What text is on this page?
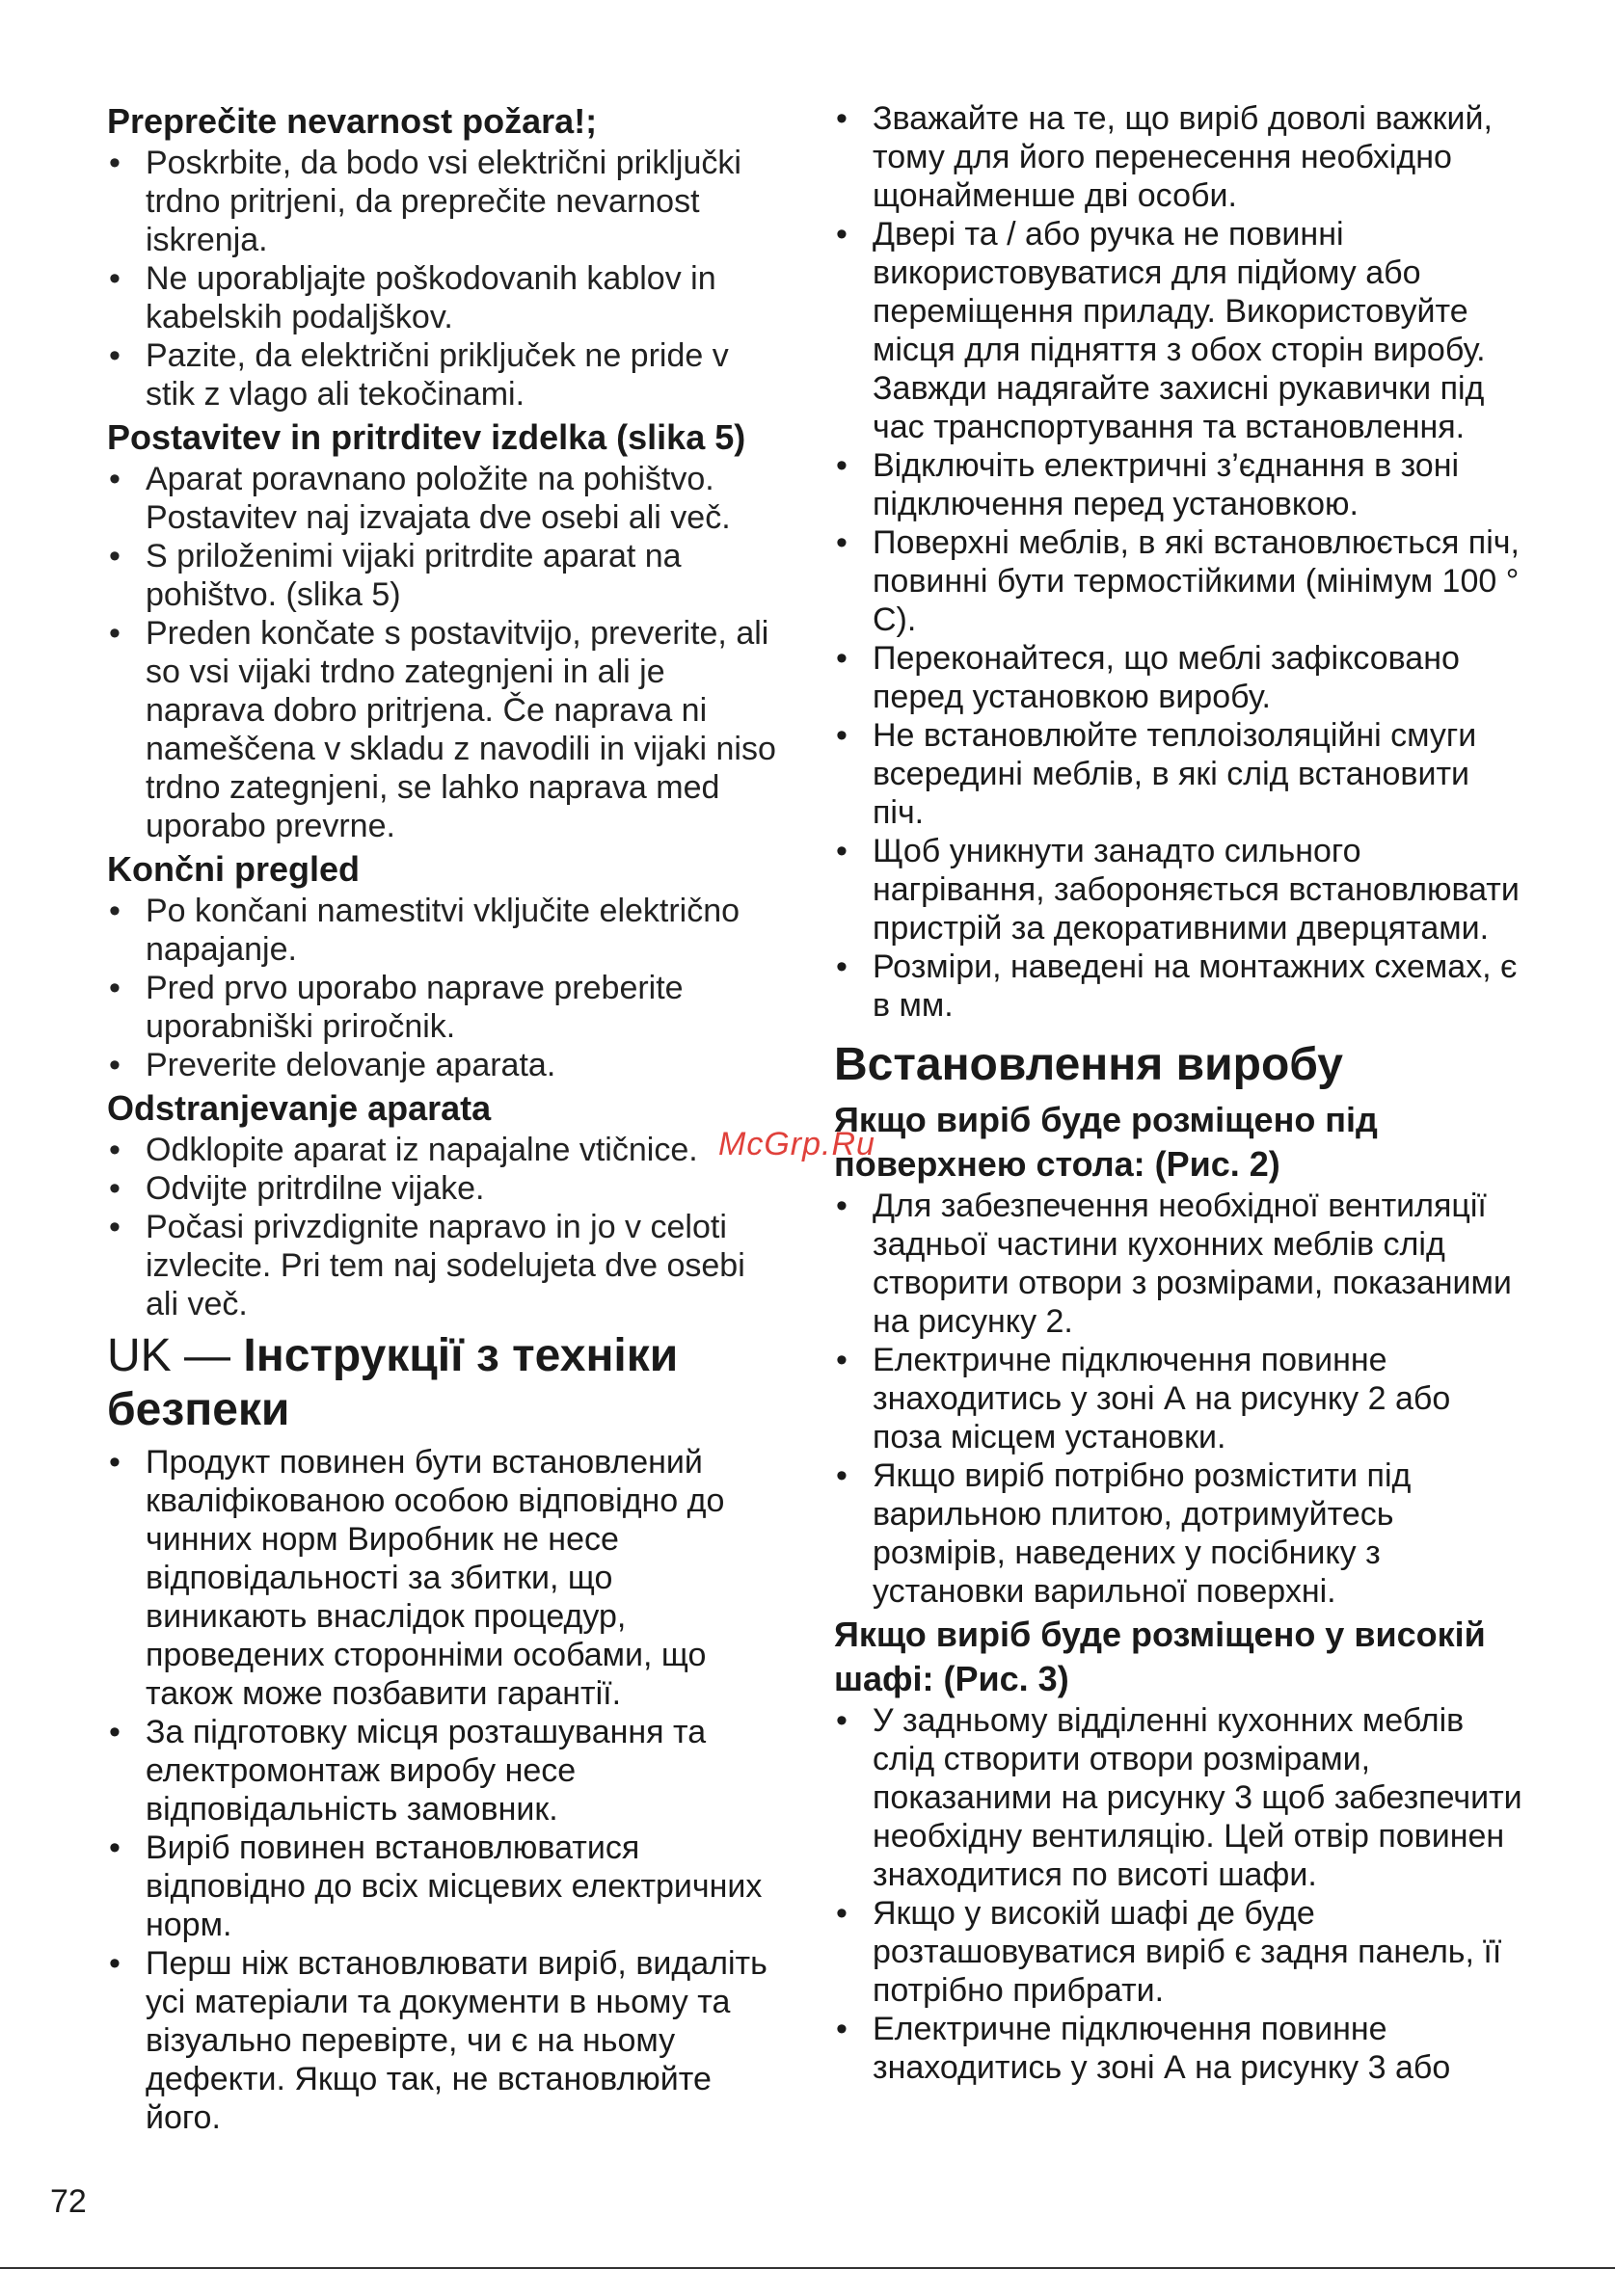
Preprečite nevarnost požara!;
• Poskrbite, da bodo vsi električni priključki trdno pritrjeni, da preprečite nevarnost iskrenja.
• Ne uporabljajte poškodovanih kablov in kabelskih podaljškov.
• Pazite, da električni priključek ne pride v stik z vlago ali tekočinami.
Postavitev in pritrditev izdelka (slika 5)
• Aparat poravnano položite na pohištvo. Postavitev naj izvajata dve osebi ali več.
• S priloženimi vijaki pritrdite aparat na pohištvo. (slika 5)
• Preden končate s postavitvijo, preverite, ali so vsi vijaki trdno zategnjeni in ali je naprava dobro pritrjena. Če naprava ni nameščena v skladu z navodili in vijaki niso trdno zategnjeni, se lahko naprava med uporabo prevrne.
Končni pregled
• Po končani namestitvi vključite električno napajanje.
• Pred prvo uporabo naprave preberite uporabniški priročnik.
• Preverite delovanje aparata.
Odstranjevanje aparata
• Odklopite aparat iz napajalne vtičnice.
• Odvijte pritrdilne vijake.
• Počasi privzdignite napravo in jo v celoti izvlecite. Pri tem naj sodelujeta dve osebi ali več.
UK — Інструкції з техніки безпеки
• Продукт повинен бути встановлений кваліфікованою особою відповідно до чинних норм Виробник не несе відповідальності за збитки, що виникають внаслідок процедур, проведених сторонніми особами, що також може позбавити гарантії.
• За підготовку місця розташування та електромонтаж виробу несе відповідальність замовник.
• Виріб повинен встановлюватися відповідно до всіх місцевих електричних норм.
• Перш ніж встановлювати виріб, видаліть усі матеріали та документи в ньому та візуально перевірте, чи є на ньому дефекти. Якщо так, не встановлюйте його.
• Зважайте на те, що виріб доволі важкий, тому для його перенесення необхідно щонайменше дві особи.
• Двері та / або ручка не повинні використовуватися для підйому або переміщення приладу. Використовуйте місця для підняття з обох сторін виробу. Завжди надягайте захисні рукавички під час транспортування та встановлення.
• Відключіть електричні з’єднання в зоні підключення перед установкою.
• Поверхні меблів, в які встановлюється піч, повинні бути термостійкими (мінімум 100 ° C).
• Переконайтеся, що меблі зафіксовано перед установкою виробу.
• Не встановлюйте теплоізоляційні смуги всередині меблів, в які слід встановити піч.
• Щоб уникнути занадто сильного нагрівання, забороняється встановлювати пристрій за декоративними дверцятами.
• Розміри, наведені на монтажних схемах, є в мм.
Встановлення виробу
Якщо виріб буде розміщено під поверхнею стола: (Рис. 2)
• Для забезпечення необхідної вентиляції задньої частини кухонних меблів слід створити отвори з розмірами, показаними на рисунку 2.
• Електричне підключення повинне знаходитись у зоні А на рисунку 2 або поза місцем установки.
• Якщо виріб потрібно розмістити під варильною плитою, дотримуйтесь розмірів, наведених у посібнику з установки варильної поверхні.
Якщо виріб буде розміщено у високій шафі: (Рис. 3)
• У задньому відділенні кухонних меблів слід створити отвори розмірами, показаними на рисунку 3 щоб забезпечити необхідну вентиляцію. Цей отвір повинен знаходитися по висоті шафи.
• Якщо у високій шафі де буде розташовуватися виріб є задня панель, її потрібно прибрати.
• Електричне підключення повинне знаходитись у зоні А на рисунку 3 або
McGrp.Ru
72
